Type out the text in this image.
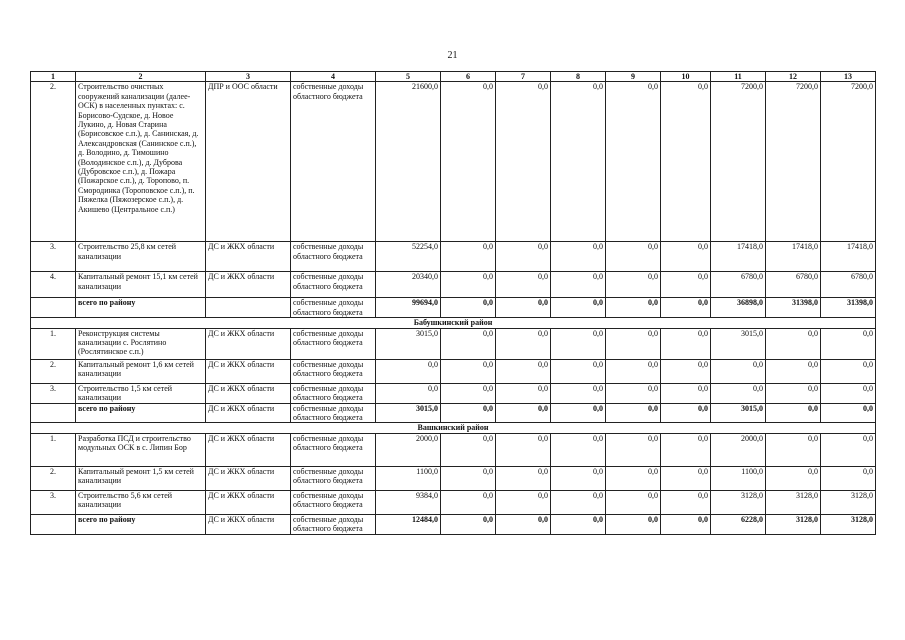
21
1	2	3	4	5	6	7	8	9	10	11	12	13
2.	Строительство очистных сооружений канализации (далее-ОСК) в населенных пунктах: с. Борисово-Судское, д. Новое Лукино, д. Новая Старина (Борисовское с.п.), д. Санинская, д. Александровская (Санинское с.п.), д. Володино, д. Тимошино (Володинское с.п.), д. Дуброва (Дубровское с.п.), д. Пожара (Пожарское с.п.), д. Торопово, п. Смородинка (Тороповское с.п.), п. Пяжелка (Пяжозерское с.п.), д. Акишево (Центральное с.п.)	ДПР и ООС области	собственные доходы областного бюджета	21600,0	0,0	0,0	0,0	0,0	0,0	7200,0	7200,0	7200,0
3.	Строительство 25,8 км сетей канализации	ДС и ЖКХ области	собственные доходы областного бюджета	52254,0	0,0	0,0	0,0	0,0	0,0	17418,0	17418,0	17418,0
4.	Капитальный ремонт 15,1 км сетей канализации	ДС и ЖКХ области	собственные доходы областного бюджета	20340,0	0,0	0,0	0,0	0,0	0,0	6780,0	6780,0	6780,0
	всего по району		собственные доходы областного бюджета	99694,0	0,0	0,0	0,0	0,0	0,0	36898,0	31398,0	31398,0
Бабушкинский район												
1.	Реконструкция системы канализации с. Рослятино (Рослятинское с.п.)	ДС и ЖКХ области	собственные доходы областного бюджета	3015,0	0,0	0,0	0,0	0,0	0,0	3015,0	0,0	0,0
2.	Капитальный ремонт 1,6 км сетей канализации	ДС и ЖКХ области	собственные доходы областного бюджета	0,0	0,0	0,0	0,0	0,0	0,0	0,0	0,0	0,0
3.	Строительство 1,5 км сетей канализации	ДС и ЖКХ области	собственные доходы областного бюджета	0,0	0,0	0,0	0,0	0,0	0,0	0,0	0,0	0,0
	всего по району	ДС и ЖКХ области	собственные доходы областного бюджета	3015,0	0,0	0,0	0,0	0,0	0,0	3015,0	0,0	0,0
Вашкинский район												
1.	Разработка ПСД и строительство модульных ОСК в с. Липин Бор	ДС и ЖКХ области	собственные доходы областного бюджета	2000,0	0,0	0,0	0,0	0,0	0,0	2000,0	0,0	0,0
2.	Капитальный ремонт 1,5 км сетей канализации	ДС и ЖКХ области	собственные доходы областного бюджета	1100,0	0,0	0,0	0,0	0,0	0,0	1100,0	0,0	0,0
3.	Строительство 5,6 км сетей канализации	ДС и ЖКХ области	собственные доходы областного бюджета	9384,0	0,0	0,0	0,0	0,0	0,0	3128,0	3128,0	3128,0
	всего по району	ДС и ЖКХ области	собственные доходы областного бюджета	12484,0	0,0	0,0	0,0	0,0	0,0	6228,0	3128,0	3128,0
